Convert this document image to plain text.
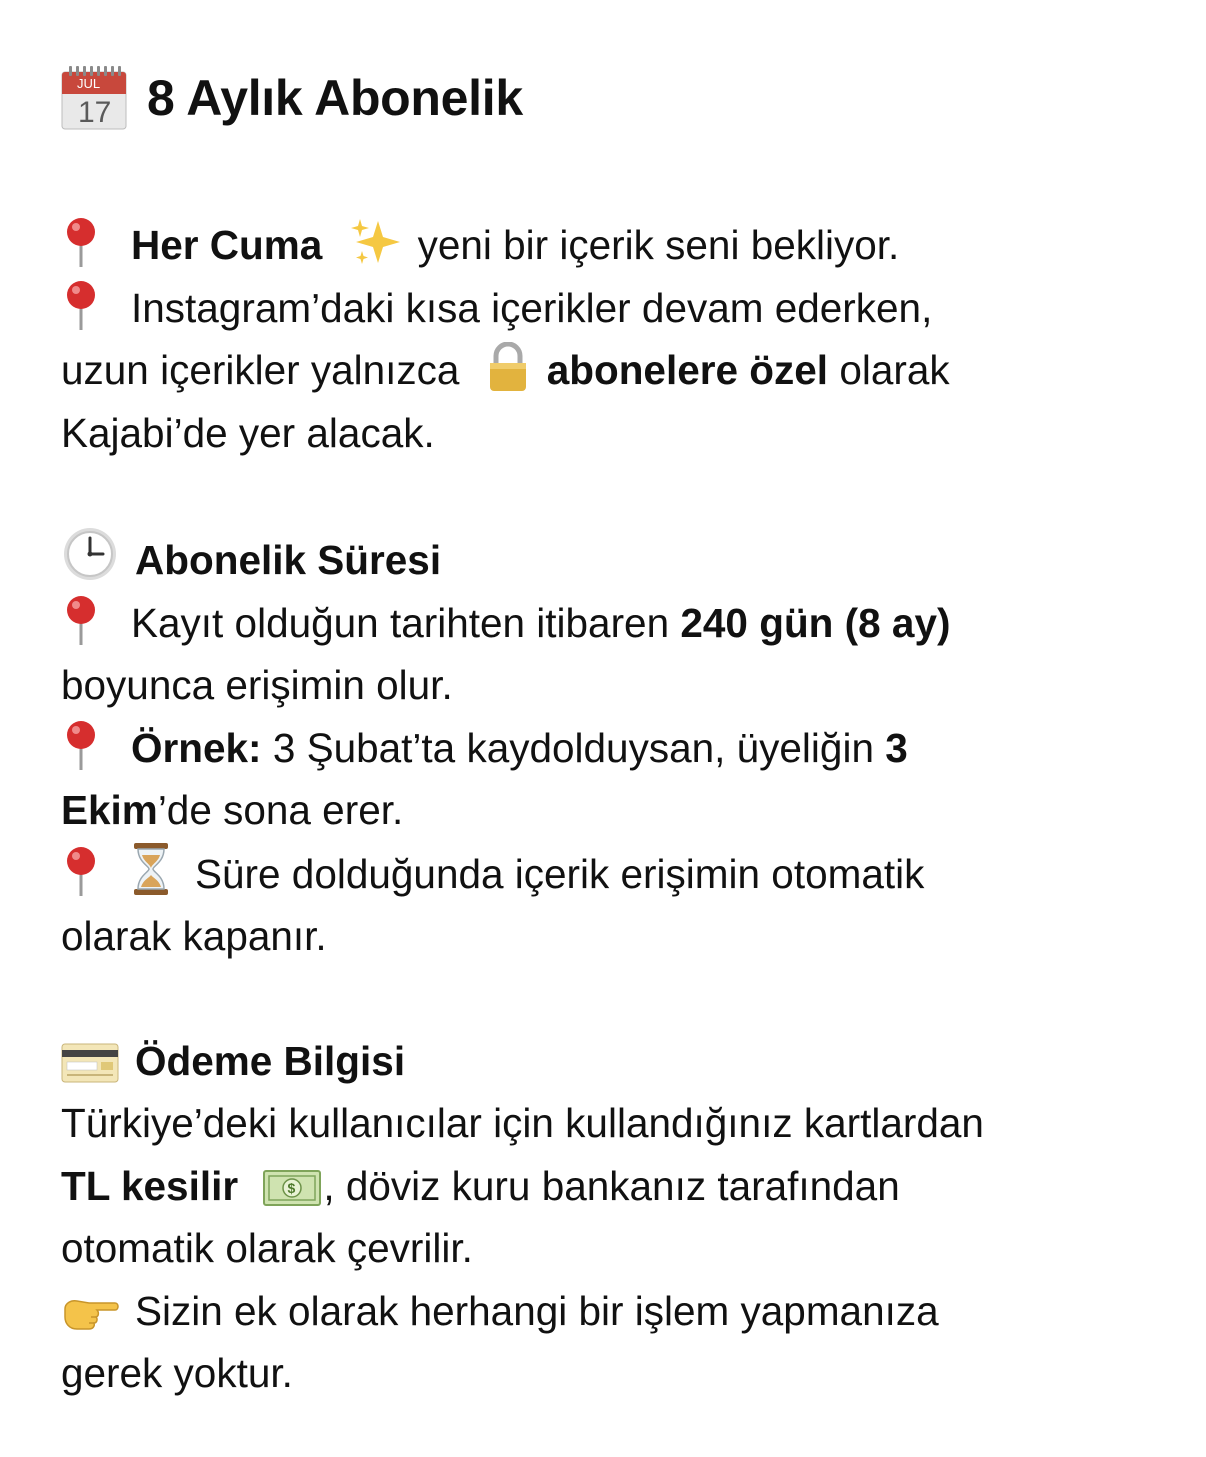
JUL
17 8 Aylık Abonelik

Her Cuma yeni bir içerik seni bekliyor.

Instagram’daki kısa içerikler devam ederken,
uzun içerikler yalnızca abonelere özel olarak
Kajabi’de yer alacak.

Abonelik Süresi

Kayıt olduğun tarihten itibaren 240 gün (8 ay)
boyunca erişimin olur.

Örnek: 3 Şubat’ta kaydolduysan, üyeliğin 3
Ekim’de sona erer.

Süre dolduğunda içerik erişimin otomatik
olarak kapanır.

Ödeme Bilgisi

Türkiye’deki kullanıcılar için kullandığınız kartlardan
TL kesilir	$ , döviz kuru bankanız tarafından
otomatik olarak çevrilir.

Sizin ek olarak herhangi bir işlem yapmanıza
gerek yoktur.
